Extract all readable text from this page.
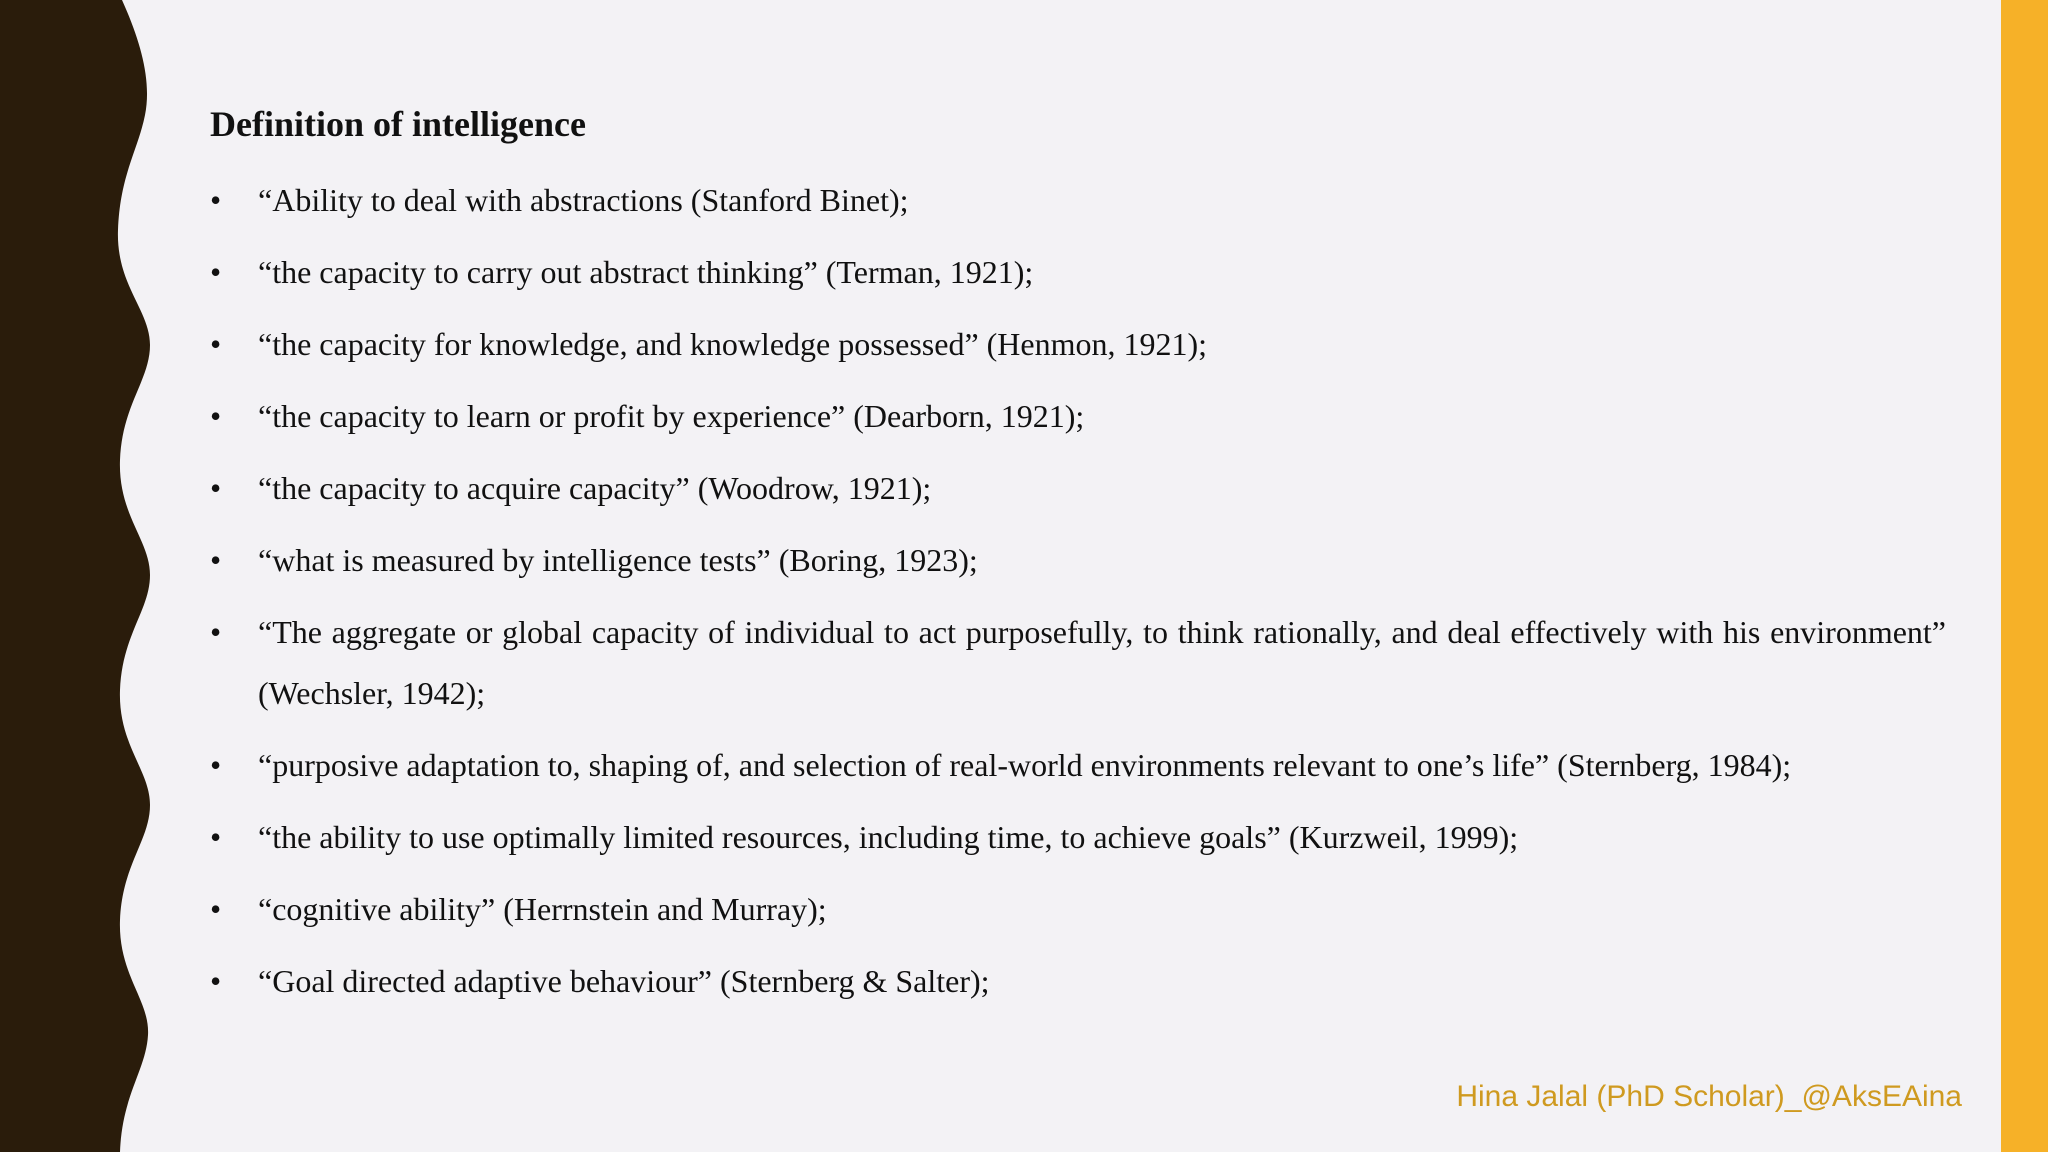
Definition of intelligence
• “Ability to deal with abstractions (Stanford Binet);
• “the capacity to carry out abstract thinking” (Terman, 1921);
• “the capacity for knowledge, and knowledge possessed” (Henmon, 1921);
• “the capacity to learn or profit by experience” (Dearborn, 1921);
• “the capacity to acquire capacity” (Woodrow, 1921);
• “what is measured by intelligence tests” (Boring, 1923);
• “The aggregate or global capacity of individual to act purposefully, to think rationally, and deal effectively with his environment” (Wechsler, 1942);
• “purposive adaptation to, shaping of, and selection of real-world environments relevant to one’s life” (Sternberg, 1984);
• “the ability to use optimally limited resources, including time, to achieve goals” (Kurzweil, 1999);
• “cognitive ability” (Herrnstein and Murray);
• “Goal directed adaptive behaviour” (Sternberg & Salter);
Hina Jalal (PhD Scholar)_@AksEAina
